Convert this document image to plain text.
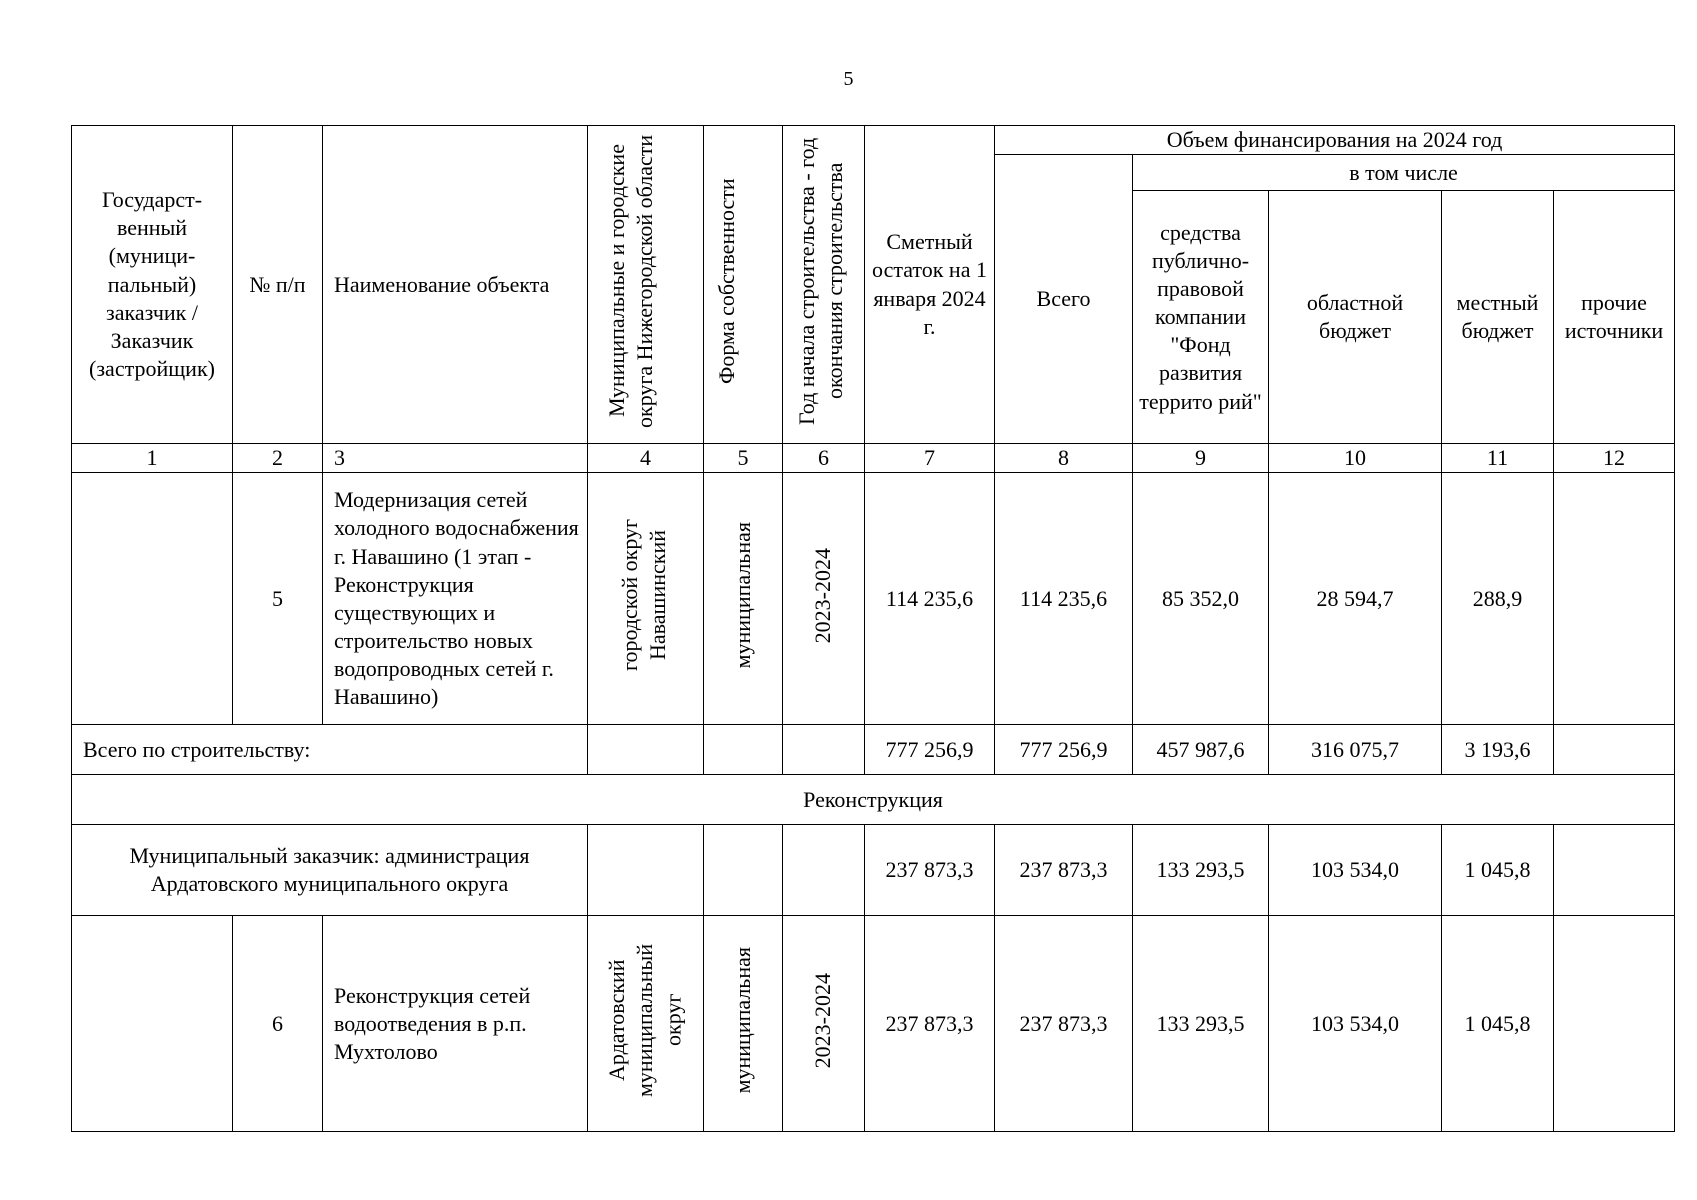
5
Государст-венный (муници-пальный) заказчик / Заказчик (застройщик)	№ п/п	Наименование объекта	Муниципальные и городские округа Нижегородской области	Форма собственности	Год начала строительства - год окончания строительства	Сметный остаток на 1 января 2024 г.	Объем финансирования на 2024 год				
							Всего	в том числе			
								средства публично-правовой компании "Фонд развития террито рий"	областной бюджет	местный бюджет	прочие источники
1	2	3	4	5	6	7	8	9	10	11	12
	5	Модернизация сетей холодного водоснабжения г. Навашино (1 этап - Реконструкция существующих и строительство новых водопроводных сетей г. Навашино)	городской округ Навашинский	муниципальная	2023-2024	114 235,6	114 235,6	85 352,0	28 594,7	288,9	
Всего по строительству:						777 256,9	777 256,9	457 987,6	316 075,7	3 193,6	
Реконструкция											
Муниципальный заказчик: администрация Ардатовского муниципального округа						237 873,3	237 873,3	133 293,5	103 534,0	1 045,8	
	6	Реконструкция сетей водоотведения в р.п. Мухтолово	Ардатовский муниципальный округ	муниципальная	2023-2024	237 873,3	237 873,3	133 293,5	103 534,0	1 045,8	
